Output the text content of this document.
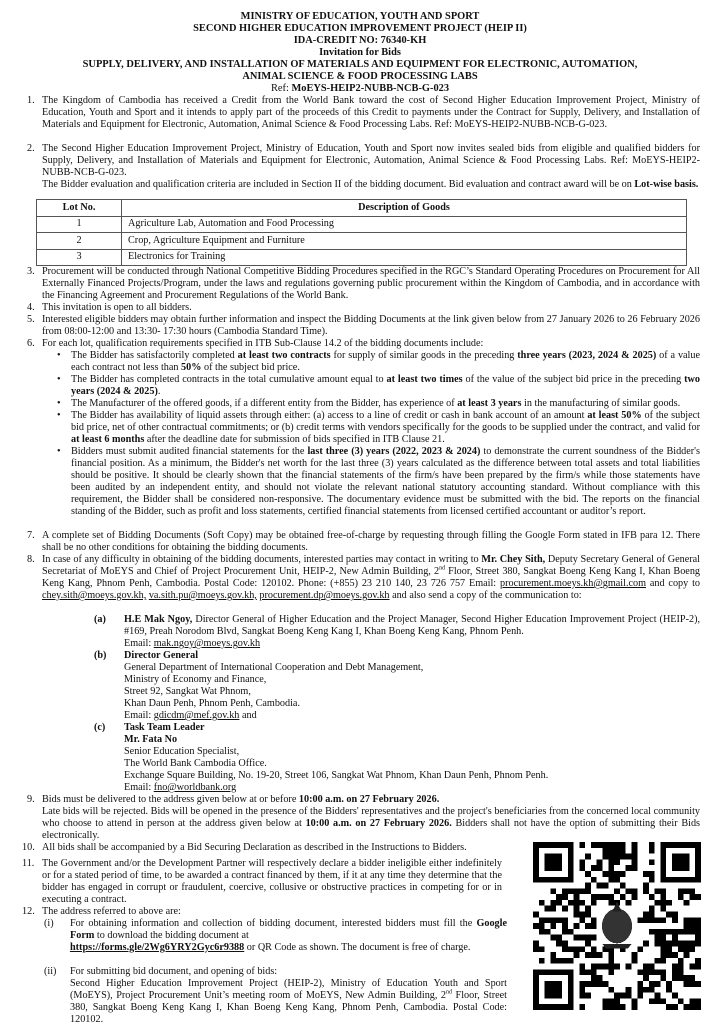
MINISTRY OF EDUCATION, YOUTH AND SPORT
SECOND HIGHER EDUCATION IMPROVEMENT PROJECT (HEIP II)
IDA-CREDIT NO: 76340-KH
Invitation for Bids
SUPPLY, DELIVERY, AND INSTALLATION OF MATERIALS AND EQUIPMENT FOR ELECTRONIC, AUTOMATION,
ANIMAL SCIENCE & FOOD PROCESSING LABS
Ref: MoEYS-HEIP2-NUBB-NCB-G-023
1. The Kingdom of Cambodia has received a Credit from the World Bank toward the cost of Second Higher Education Improvement Project, Ministry of Education, Youth and Sport and it intends to apply part of the proceeds of this Credit to payments under the Contract for Supply, Delivery, and Installation of Materials and Equipment for Electronic, Automation, Animal Science & Food Processing Labs. Ref: MoEYS-HEIP2-NUBB-NCB-G-023.
2. The Second Higher Education Improvement Project, Ministry of Education, Youth and Sport now invites sealed bids from eligible and qualified bidders for Supply, Delivery, and Installation of Materials and Equipment for Electronic, Automation, Animal Science & Food Processing Labs. Ref: MoEYS-HEIP2-NUBB-NCB-G-023.
The Bidder evaluation and qualification criteria are included in Section II of the bidding document. Bid evaluation and contract award will be on Lot-wise basis.
Lot No.	Description of Goods
1	Agriculture Lab, Automation and Food Processing
2	Crop, Agriculture Equipment and Furniture
3	Electronics for Training
3. Procurement will be conducted through National Competitive Bidding Procedures specified in the RGC’s Standard Operating Procedures on Procurement for All Externally Financed Projects/Program, under the laws and regulations governing public procurement within the Kingdom of Cambodia, and in accordance with the Financing Agreement and Procurement Regulations of the World Bank.
4. This invitation is open to all bidders.
5. Interested eligible bidders may obtain further information and inspect the Bidding Documents at the link given below from 27 January 2026 to 26 February 2026 from 08:00-12:00 and 13:30- 17:30 hours (Cambodia Standard Time).
6. For each lot, qualification requirements specified in ITB Sub-Clause 14.2 of the bidding documents include:
• The Bidder has satisfactorily completed at least two contracts for supply of similar goods in the preceding three years (2023, 2024 & 2025) of a value each contract not less than 50% of the subject bid price.
• The Bidder has completed contracts in the total cumulative amount equal to at least two times of the value of the subject bid price in the preceding two years (2024 & 2025).
• The Manufacturer of the offered goods, if a different entity from the Bidder, has experience of at least 3 years in the manufacturing of similar goods.
• The Bidder has availability of liquid assets through either: (a) access to a line of credit or cash in bank account of an amount at least 50% of the subject bid price, net of other contractual commitments; or (b) credit terms with vendors specifically for the goods to be supplied under the contract, and valid for at least 6 months after the deadline date for submission of bids specified in ITB Clause 21.
• Bidders must submit audited financial statements for the last three (3) years (2022, 2023 & 2024) to demonstrate the current soundness of the Bidder's financial position. As a minimum, the Bidder's net worth for the last three (3) years calculated as the difference between total assets and total liabilities should be positive. It should be clearly shown that the financial statements of the firm/s have been prepared by the firm/s while those statements have been audited by an independent entity, and should not violate the relevant national statutory accounting standard. Without compliance with this requirement, the Bidder shall be considered non-responsive. The documentary evidence must be submitted with the bid. The reports on the financial standing of the Bidder, such as profit and loss statements, certified financial statements from licensed certified accountant or auditor’s report.
7. A complete set of Bidding Documents (Soft Copy) may be obtained free-of-charge by requesting through filling the Google Form stated in IFB para 12. There shall be no other conditions for obtaining the bidding documents.
8. In case of any difficulty in obtaining of the bidding documents, interested parties may contact in writing to Mr. Chey Sith, Deputy Secretary General of General Secretariat of MoEYS and Chief of Project Procurement Unit, HEIP-2, New Admin Building, 2nd Floor, Street 380, Sangkat Boeng Keng Kang I, Khan Boeng Keng Kang, Phnom Penh, Cambodia. Postal Code: 120102. Phone: (+855) 23 210 140, 23 726 757 Email: procurement.moeys.kh@gmail.com and copy to chey.sith@moeys.gov.kh, va.sith.pu@moeys.gov.kh, procurement.dp@moeys.gov.kh and also send a copy of the communication to:
(a) H.E Mak Ngoy, Director General of Higher Education and the Project Manager, Second Higher Education Improvement Project (HEIP-2), #169, Preah Norodom Blvd, Sangkat Boeng Keng Kang I, Khan Boeng Keng Kang, Phnom Penh.
Email: mak.ngoy@moeys.gov.kh
(b) Director General
General Department of International Cooperation and Debt Management,
Ministry of Economy and Finance,
Street 92, Sangkat Wat Phnom,
Khan Daun Penh, Phnom Penh, Cambodia.
Email: gdicdm@mef.gov.kh and
(c) Task Team Leader
Mr. Fata No
Senior Education Specialist,
The World Bank Cambodia Office.
Exchange Square Building, No. 19-20, Street 106, Sangkat Wat Phnom, Khan Daun Penh, Phnom Penh.
Email: fno@worldbank.org
9. Bids must be delivered to the address given below at or before 10:00 a.m. on 27 February 2026.
Late bids will be rejected. Bids will be opened in the presence of the Bidders' representatives and the project's beneficiaries from the concerned local community who choose to attend in person at the address given below at 10:00 a.m. on 27 February 2026. Bidders shall not have the option of submitting their Bids electronically.
10. All bids shall be accompanied by a Bid Securing Declaration as described in the Instructions to Bidders.
11. The Government and/or the Development Partner will respectively declare a bidder ineligible either indefinitely or for a stated period of time, to be awarded a contract financed by them, if it at any time they determine that the bidder has engaged in corrupt or fraudulent, coercive, collusive or obstructive practices in competing for or in executing a contract.
12. The address referred to above are:
(i) For obtaining information and collection of bidding document, interested bidders must fill the Google Form to download the bidding document at
https://forms.gle/2Wg6YRY2Gyc6r9388 or QR Code as shown. The document is free of charge.
(ii) For submitting bid document, and opening of bids:
Second Higher Education Improvement Project (HEIP-2), Ministry of Education Youth and Sport (MoEYS), Project Procurement Unit’s meeting room of MoEYS, New Admin Building, 2nd Floor, Street 380, Sangkat Boeng Keng Kang I, Khan Boeng Keng Kang, Phnom Penh, Cambodia. Postal Code: 120102.
